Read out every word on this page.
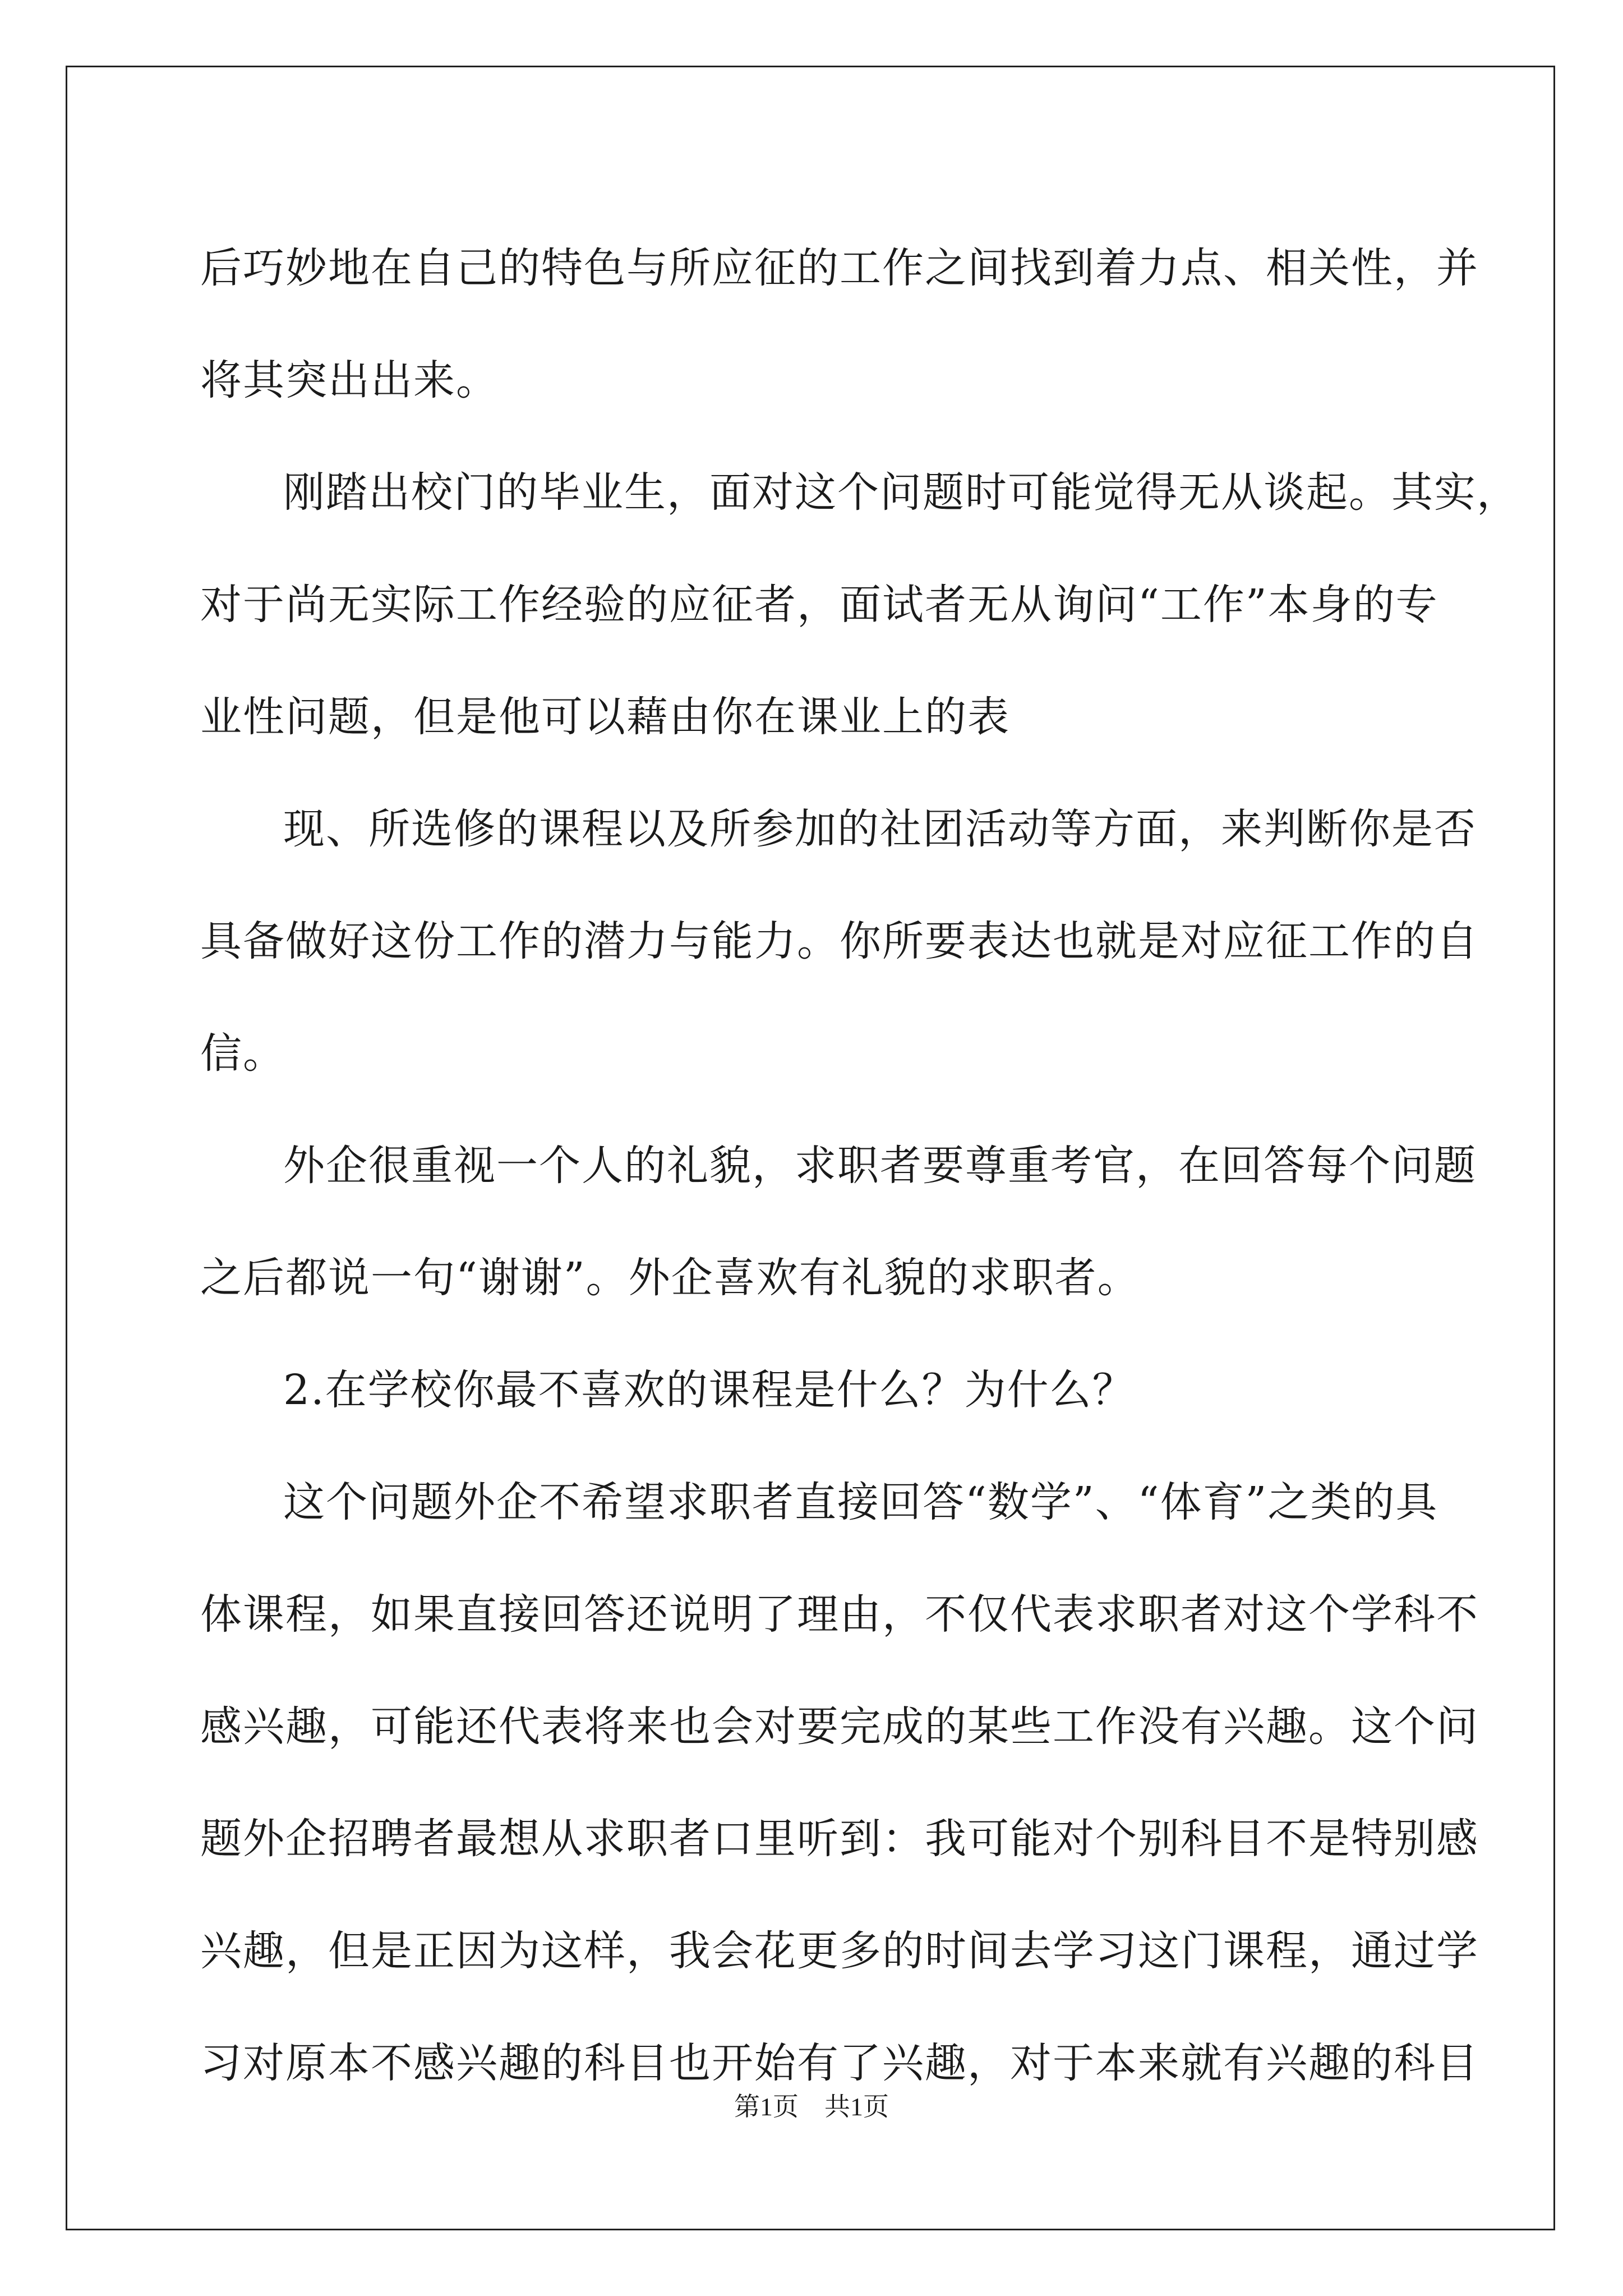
后巧妙地在自己的特色与所应征的工作之间找到着力点、相关性，并
将其突出出来。
刚踏出校门的毕业生，面对这个问题时可能觉得无从谈起。其实，
对于尚无实际工作经验的应征者，面试者无从询问“工作”本身的专
业性问题，但是他可以藉由你在课业上的表
现、所选修的课程以及所参加的社团活动等方面，来判断你是否
具备做好这份工作的潜力与能力。你所要表达也就是对应征工作的自
信。
外企很重视一个人的礼貌，求职者要尊重考官，在回答每个问题
之后都说一句“谢谢”。外企喜欢有礼貌的求职者。
2.在学校你最不喜欢的课程是什么？为什么？
这个问题外企不希望求职者直接回答“数学”、“体育”之类的具
体课程，如果直接回答还说明了理由，不仅代表求职者对这个学科不
感兴趣，可能还代表将来也会对要完成的某些工作没有兴趣。这个问
题外企招聘者最想从求职者口里听到：我可能对个别科目不是特别感
兴趣，但是正因为这样，我会花更多的时间去学习这门课程，通过学
习对原本不感兴趣的科目也开始有了兴趣，对于本来就有兴趣的科目
第1页 共1页
